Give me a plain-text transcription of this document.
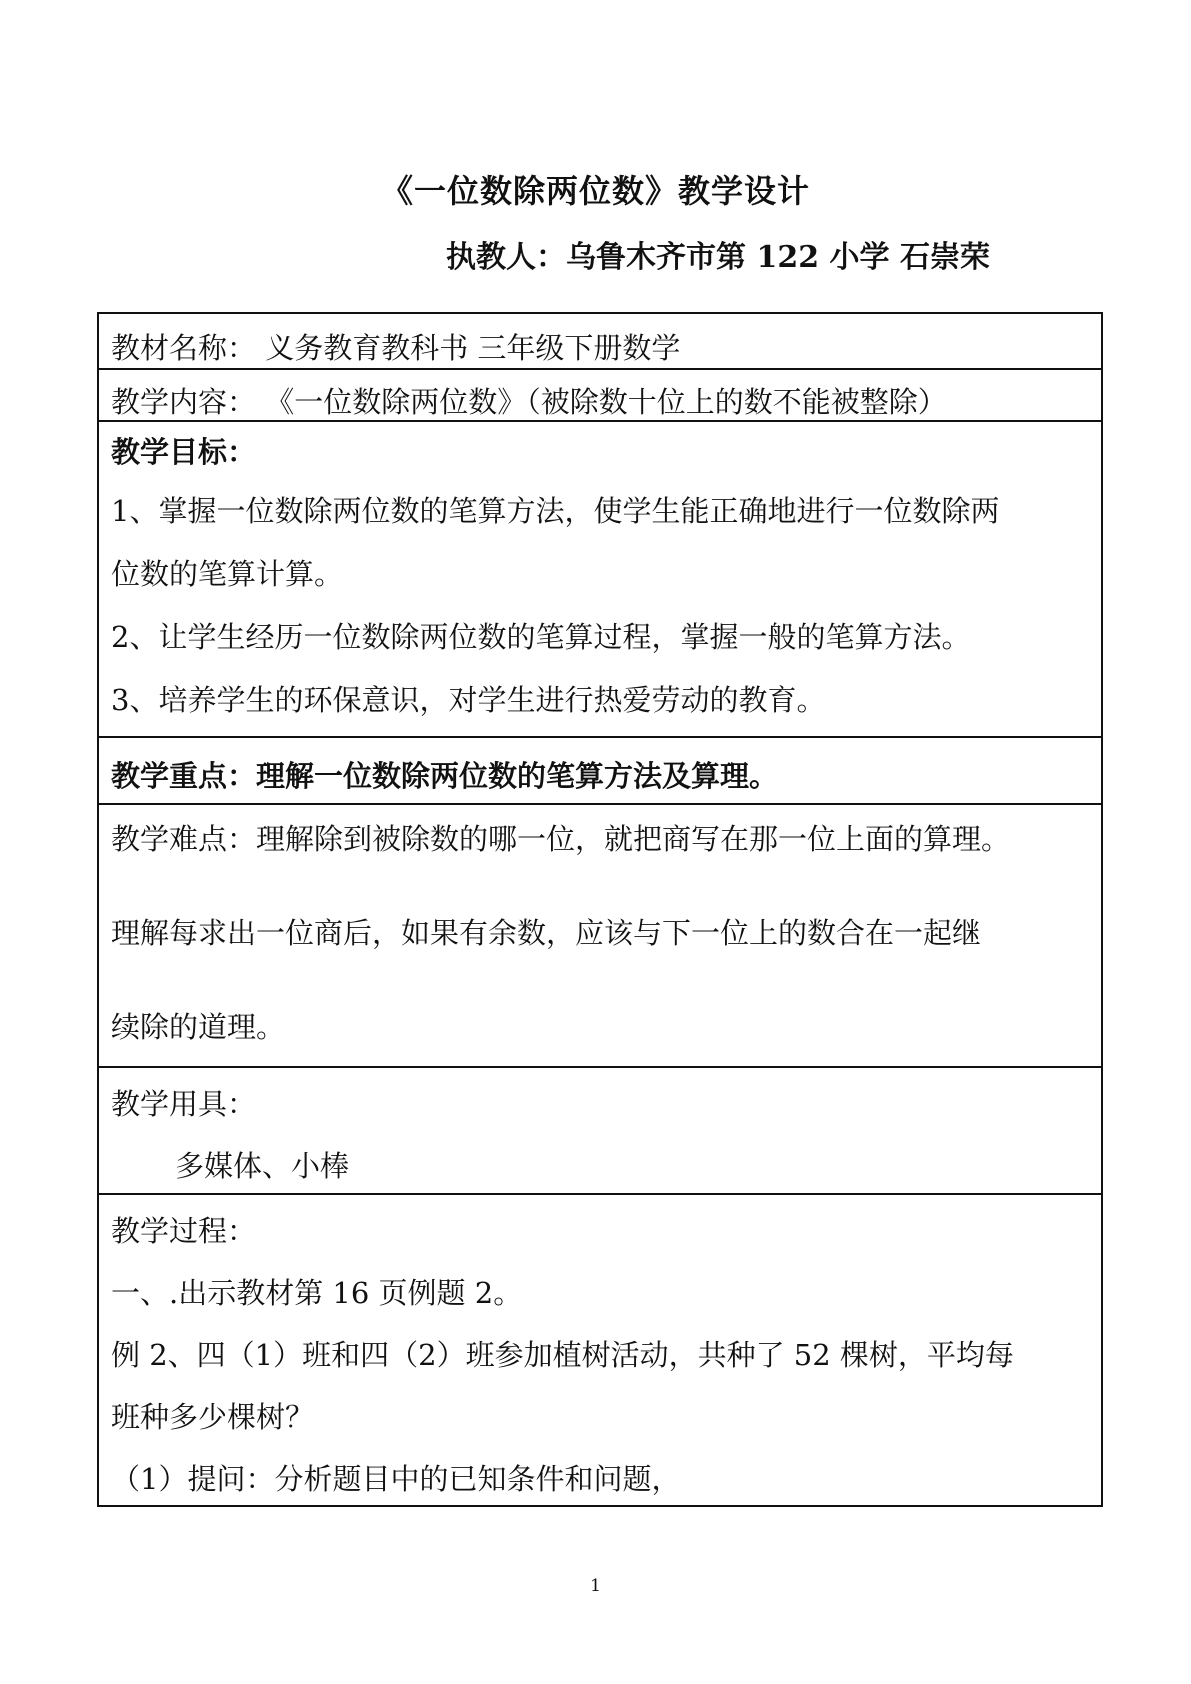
《一位数除两位数》教学设计

执教人：乌鲁木齐市第 122 小学 石崇荣

教材名称： 义务教育教科书 三年级下册数学
教学内容： 《一位数除两位数》（被除数十位上的数不能被整除）
教学目标：
1、掌握一位数除两位数的笔算方法，使学生能正确地进行一位数除两
位数的笔算计算。
2、让学生经历一位数除两位数的笔算过程，掌握一般的笔算方法。
3、培养学生的环保意识，对学生进行热爱劳动的教育。
教学重点：理解一位数除两位数的笔算方法及算理。
教学难点：理解除到被除数的哪一位，就把商写在那一位上面的算理。
理解每求出一位商后，如果有余数，应该与下一位上的数合在一起继
续除的道理。
教学用具：
多媒体、小棒
教学过程：
一、.出示教材第 16 页例题 2。
例 2、四（1）班和四（2）班参加植树活动，共种了 52 棵树，平均每
班种多少棵树？
（1）提问：分析题目中的已知条件和问题，

1
